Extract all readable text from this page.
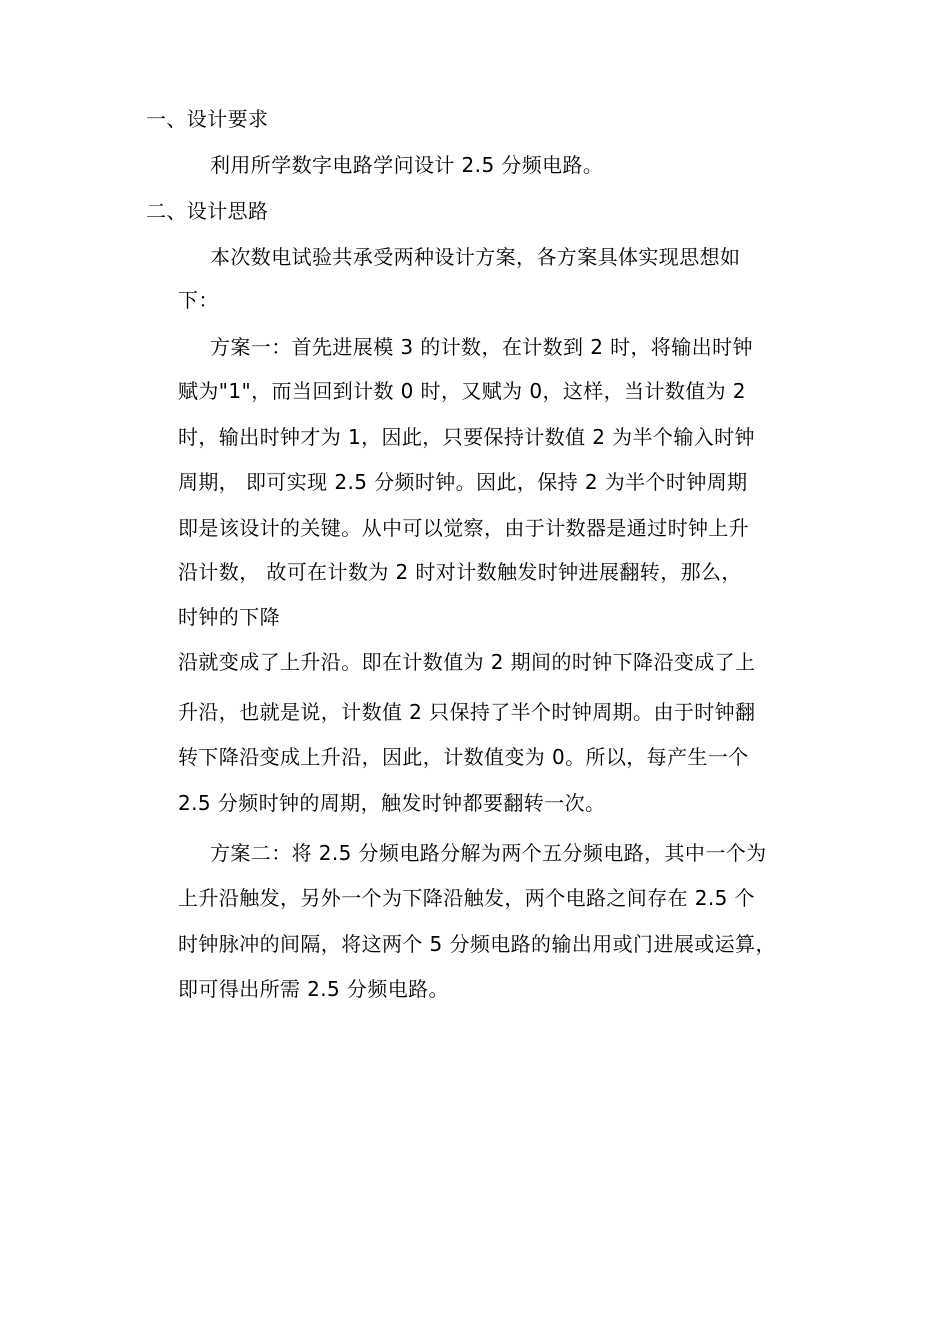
一、设计要求
利用所学数字电路学问设计 2.5 分频电路。
二、设计思路
本次数电试验共承受两种设计方案，各方案具体实现思想如
下：
方案一：首先进展模 3 的计数，在计数到 2 时，将输出时钟
赋为"1"，而当回到计数 0 时，又赋为 0，这样，当计数值为 2
时，输出时钟才为 1，因此，只要保持计数值 2 为半个输入时钟
周期， 即可实现 2.5 分频时钟。因此，保持 2 为半个时钟周期
即是该设计的关键。从中可以觉察，由于计数器是通过时钟上升
沿计数， 故可在计数为 2 时对计数触发时钟进展翻转，那么，
时钟的下降
沿就变成了上升沿。即在计数值为 2 期间的时钟下降沿变成了上
升沿，也就是说，计数值 2 只保持了半个时钟周期。由于时钟翻
转下降沿变成上升沿，因此，计数值变为 0。所以，每产生一个
2.5 分频时钟的周期，触发时钟都要翻转一次。
方案二：将 2.5 分频电路分解为两个五分频电路，其中一个为
上升沿触发，另外一个为下降沿触发，两个电路之间存在 2.5 个
时钟脉冲的间隔，将这两个 5 分频电路的输出用或门进展或运算，
即可得出所需 2.5 分频电路。
